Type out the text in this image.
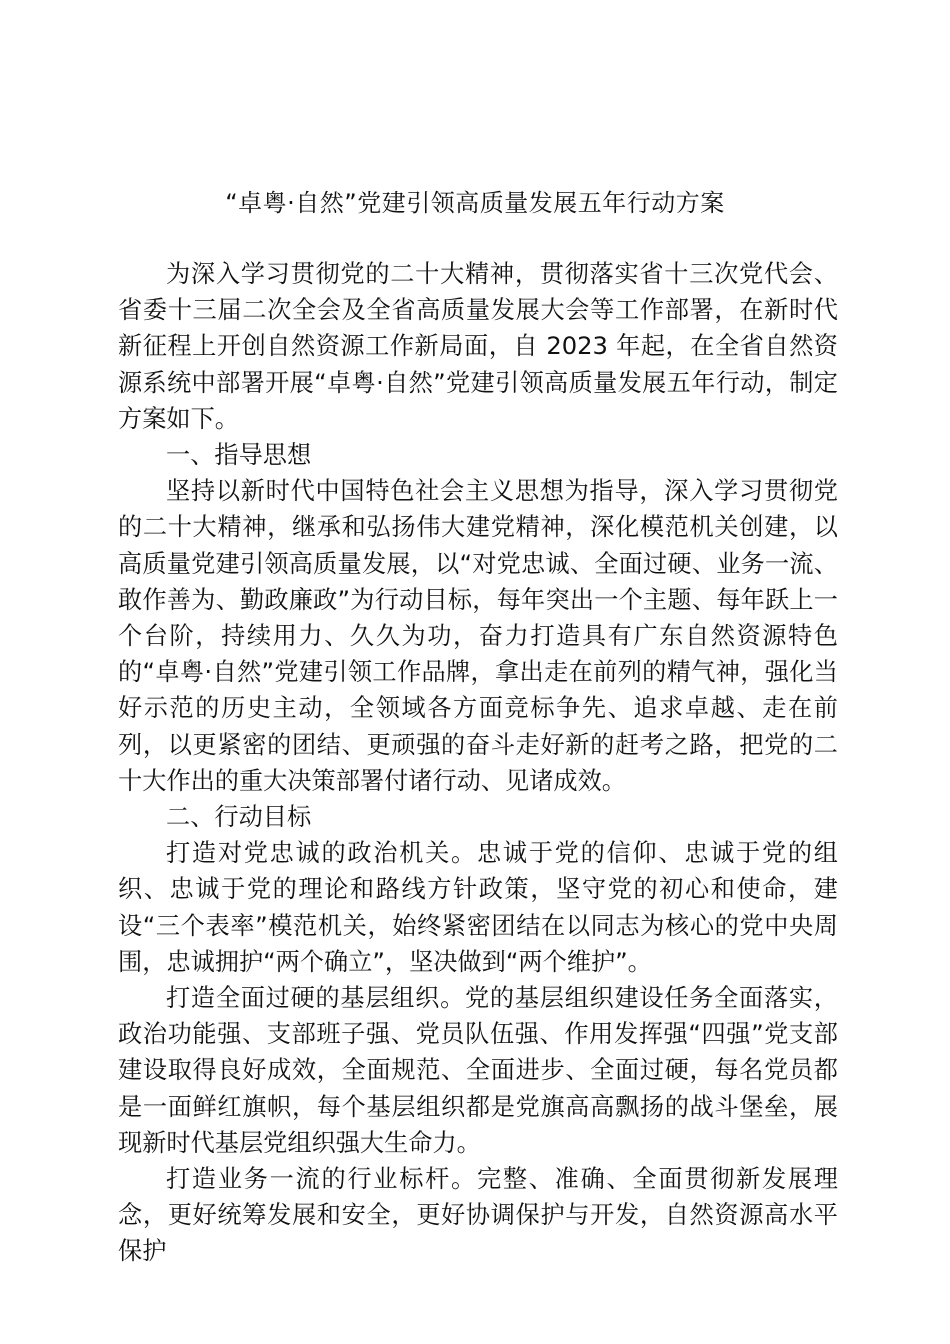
“卓粤·自然”党建引领高质量发展五年行动方案

为深入学习贯彻党的二十大精神，贯彻落实省十三次党代会、省委十三届二次全会及全省高质量发展大会等工作部署，在新时代新征程上开创自然资源工作新局面，自 2023 年起，在全省自然资源系统中部署开展“卓粤·自然”党建引领高质量发展五年行动，制定方案如下。

一、指导思想

坚持以新时代中国特色社会主义思想为指导，深入学习贯彻党的二十大精神，继承和弘扬伟大建党精神，深化模范机关创建，以高质量党建引领高质量发展，以“对党忠诚、全面过硬、业务一流、敢作善为、勤政廉政”为行动目标，每年突出一个主题、每年跃上一个台阶，持续用力、久久为功，奋力打造具有广东自然资源特色的“卓粤·自然”党建引领工作品牌，拿出走在前列的精气神，强化当好示范的历史主动，全领域各方面竞标争先、追求卓越、走在前列，以更紧密的团结、更顽强的奋斗走好新的赶考之路，把党的二十大作出的重大决策部署付诸行动、见诸成效。

二、行动目标

打造对党忠诚的政治机关。忠诚于党的信仰、忠诚于党的组织、忠诚于党的理论和路线方针政策，坚守党的初心和使命，建设“三个表率”模范机关，始终紧密团结在以同志为核心的党中央周围，忠诚拥护“两个确立”，坚决做到“两个维护”。

打造全面过硬的基层组织。党的基层组织建设任务全面落实，政治功能强、支部班子强、党员队伍强、作用发挥强“四强”党支部建设取得良好成效，全面规范、全面进步、全面过硬，每名党员都是一面鲜红旗帜，每个基层组织都是党旗高高飘扬的战斗堡垒，展现新时代基层党组织强大生命力。

打造业务一流的行业标杆。完整、准确、全面贯彻新发展理念，更好统筹发展和安全，更好协调保护与开发，自然资源高水平保护
